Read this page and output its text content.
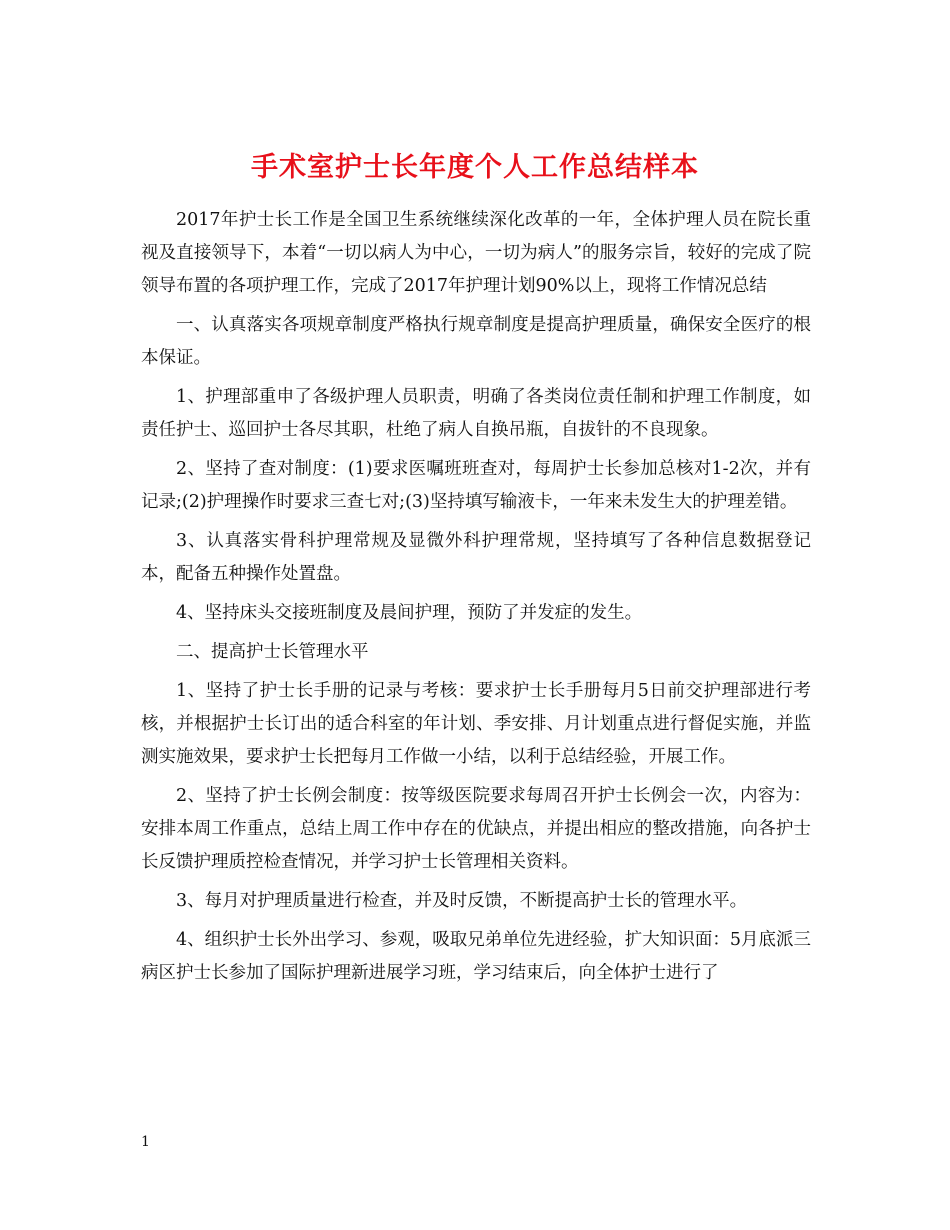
手术室护士长年度个人工作总结样本

2017年护士长工作是全国卫生系统继续深化改革的一年，全体护理人员在院长重视及直接领导下，本着“一切以病人为中心，一切为病人”的服务宗旨，较好的完成了院领导布置的各项护理工作，完成了2017年护理计划90%以上，现将工作情况总结

一、认真落实各项规章制度严格执行规章制度是提高护理质量，确保安全医疗的根本保证。

1、护理部重申了各级护理人员职责，明确了各类岗位责任制和护理工作制度，如责任护士、巡回护士各尽其职，杜绝了病人自换吊瓶，自拔针的不良现象。

2、坚持了查对制度：(1)要求医嘱班班查对，每周护士长参加总核对1-2次，并有记录;(2)护理操作时要求三查七对;(3)坚持填写输液卡，一年来未发生大的护理差错。

3、认真落实骨科护理常规及显微外科护理常规，坚持填写了各种信息数据登记本，配备五种操作处置盘。

4、坚持床头交接班制度及晨间护理，预防了并发症的发生。

二、提高护士长管理水平

1、坚持了护士长手册的记录与考核：要求护士长手册每月5日前交护理部进行考核，并根据护士长订出的适合科室的年计划、季安排、月计划重点进行督促实施，并监测实施效果，要求护士长把每月工作做一小结，以利于总结经验，开展工作。

2、坚持了护士长例会制度：按等级医院要求每周召开护士长例会一次，内容为：安排本周工作重点，总结上周工作中存在的优缺点，并提出相应的整改措施，向各护士长反馈护理质控检查情况，并学习护士长管理相关资料。

3、每月对护理质量进行检查，并及时反馈，不断提高护士长的管理水平。

4、组织护士长外出学习、参观，吸取兄弟单位先进经验，扩大知识面：5月底派三病区护士长参加了国际护理新进展学习班，学习结束后，向全体护士进行了

1
